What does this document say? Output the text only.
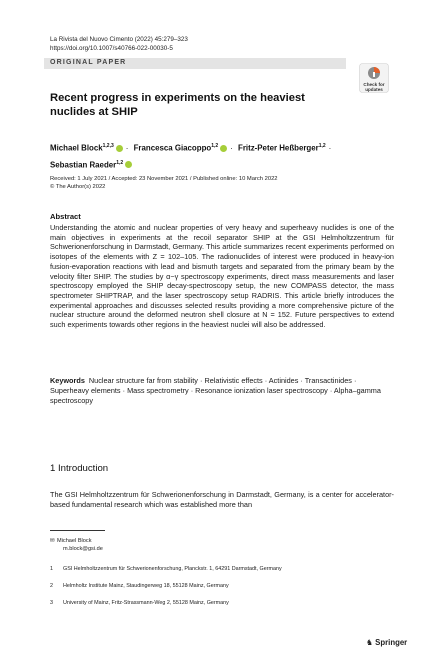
La Rivista del Nuovo Cimento (2022) 45:279–323
https://doi.org/10.1007/s40766-022-00030-5
ORIGINAL PAPER
Check for
updates
Recent progress in experiments on the heaviest nuclides at SHIP
Michael Block$^{1,2,3}$ · Francesca Giacoppo$^{1,2}$ · Fritz-Peter Heßberger$^{1,2}$ ·
Sebastian Raeder$^{1,2}$
Received: 1 July 2021 / Accepted: 23 November 2021 / Published online: 10 March 2022
© The Author(s) 2022
Abstract
Understanding the atomic and nuclear properties of very heavy and superheavy nuclides is one of the main objectives in experiments at the recoil separator SHIP at the GSI Helmholtzzentrum für Schwerionenforschung in Darmstadt, Germany. This article summarizes recent experiments performed on isotopes of the elements with Z = 102–105. The radionuclides of interest were produced in heavy-ion fusion-evaporation reactions with lead and bismuth targets and separated from the primary beam by the velocity filter SHIP. The studies by α−γ spectroscopy experiments, direct mass measurements and laser spectroscopy employed the SHIP decay-spectroscopy setup, the new COMPASS detector, the mass spectrometer SHIPTRAP, and the laser spectroscopy setup RADRIS. This article briefly introduces the experimental approaches and discusses selected results providing a more comprehensive picture of the nuclear structure around the deformed neutron shell closure at N = 152. Future perspectives to extend such experiments towards other regions in the heaviest nuclei will also be addressed.
Keywords Nuclear structure far from stability · Relativistic effects · Actinides · Transactinides · Superheavy elements · Mass spectrometry · Resonance ionization laser spectroscopy · Alpha–gamma spectroscopy
1 Introduction
The GSI Helmholtzzentrum für Schwerionenforschung in Darmstadt, Germany, is a center for accelerator-based fundamental research which was established more than
✉ Michael Block
m.block@gsi.de
1 GSI Helmholtzzentrum für Schwerionenforschung, Planckstr. 1, 64291 Darmstadt, Germany
2 Helmholtz Institute Mainz, Staudingerweg 18, 55128 Mainz, Germany
3 University of Mainz, Fritz-Strassmann-Weg 2, 55128 Mainz, Germany
♞ Springer
